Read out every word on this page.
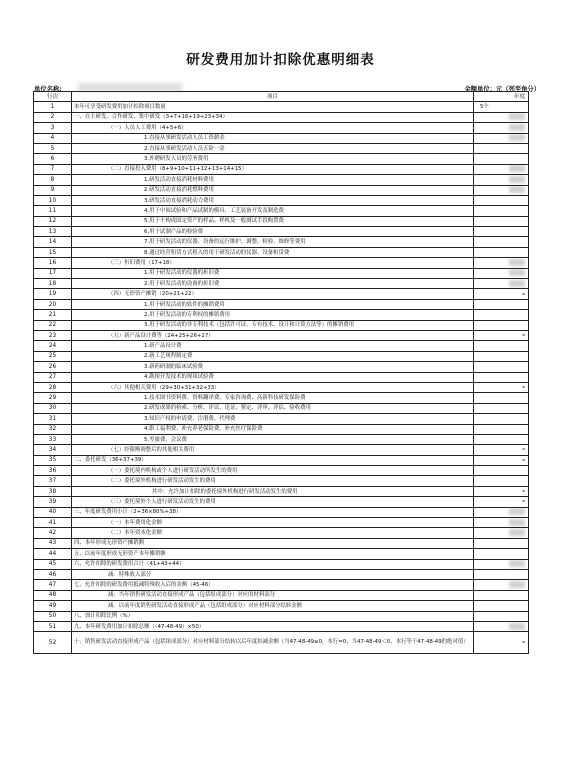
研发费用加计扣除优惠明细表
单位名称:	金额单位：元（列至角分）
行次	项目	年度
1	本年可享受研发费用加计扣除项目数量	5个
2	一、自主研发、合作研发、集中研发（3+7+16+19+23+34）	
3	（一）人员人工费用（4+5+6）	
4	1.直接从事研发活动人员工资薪金	
5	2.直接从事研发活动人员五险一金	
6	3.外聘研发人员的劳务费用	
7	（二）直接投入费用（8+9+10+11+12+13+14+15）	
8	1.研发活动直接消耗材料费用	
9	2.研发活动直接消耗燃料费用	
10	3.研发活动直接消耗动力费用	
11	4.用于中间试验和产品试制的模具、工艺装备开发及制造费	
12	5.用于不构成固定资产的样品、样机及一般测试手段购置费	
13	6.用于试制产品的检验费	
14	7.用于研发活动的仪器、设备的运行维护、调整、检验、维修等费用	
15	8.通过经营租赁方式租入的用于研发活动的仪器、设备租赁费	
16	（三）折旧费用（17+18）	
17	1.用于研发活动的仪器的折旧费	
18	2.用于研发活动的设备的折旧费	
19	（四）无形资产摊销（20+21+22）	-
20	1.用于研发活动的软件的摊销费用	
21	2.用于研发活动的专利权的摊销费用	
22	3.用于研发活动的非专利技术（包括许可证、专有技术、设计和计算方法等）的摊销费用	
23	（五）新产品设计费等（24+25+26+27）	-
24	1.新产品设计费	
25	2.新工艺规程制定费	
26	3.新药研制的临床试验费	
27	4.勘探开发技术的现场试验费	
28	（六）其他相关费用（29+30+31+32+33）	-
29	1.技术图书资料费、资料翻译费、专家咨询费、高新科技研发保险费	
30	2.研发成果的检索、分析、评议、论证、鉴定、评审、评估、验收费用	
31	3.知识产权的申请费、注册费、代理费	
32	4.职工福利费、补充养老保险费、补充医疗保险费	
33	5.差旅费、会议费	
34	（七）经限额调整后的其他相关费用	-
35	二、委托研发（36+37+39）	-
36	（一）委托境内机构或个人进行研发活动所发生的费用	
37	（二）委托境外机构进行研发活动发生的费用	
38	其中：允许加计扣除的委托境外机构进行研发活动发生的费用	-
39	（三）委托境外个人进行研发活动发生的费用	-
40	三、年度研发费用小计（2+36×80%+38）	
41	（一）本年费用化金额	
42	（二）本年资本化金额	
43	四、本年形成无形资产摊销额	
44	五、以前年度形成无形资产本年摊销额	
45	六、允许扣除的研发费用合计（41+43+44）	
46	减：特殊收入部分	
47	七、允许扣除的研发费用抵减特殊收入后的金额（45-46）	
48	减：当年销售研发活动直接形成产品（包括组成部分）对应的材料部分	
49	减：以前年度销售研发活动直接形成产品（包括组成部分）对应材料部分结转金额	
50	八、加计扣除比例（%）	
51	九、本年研发费用加计扣除总额（（47-48-49）×50）	
52	十、销售研发活动直接形成产品（包括组成部分）对应材料部分结转以后年度扣减金额（当47-48-49≥0，本行=0；当47-48-49＜0，本行等于47-48-49的绝对值）	-
